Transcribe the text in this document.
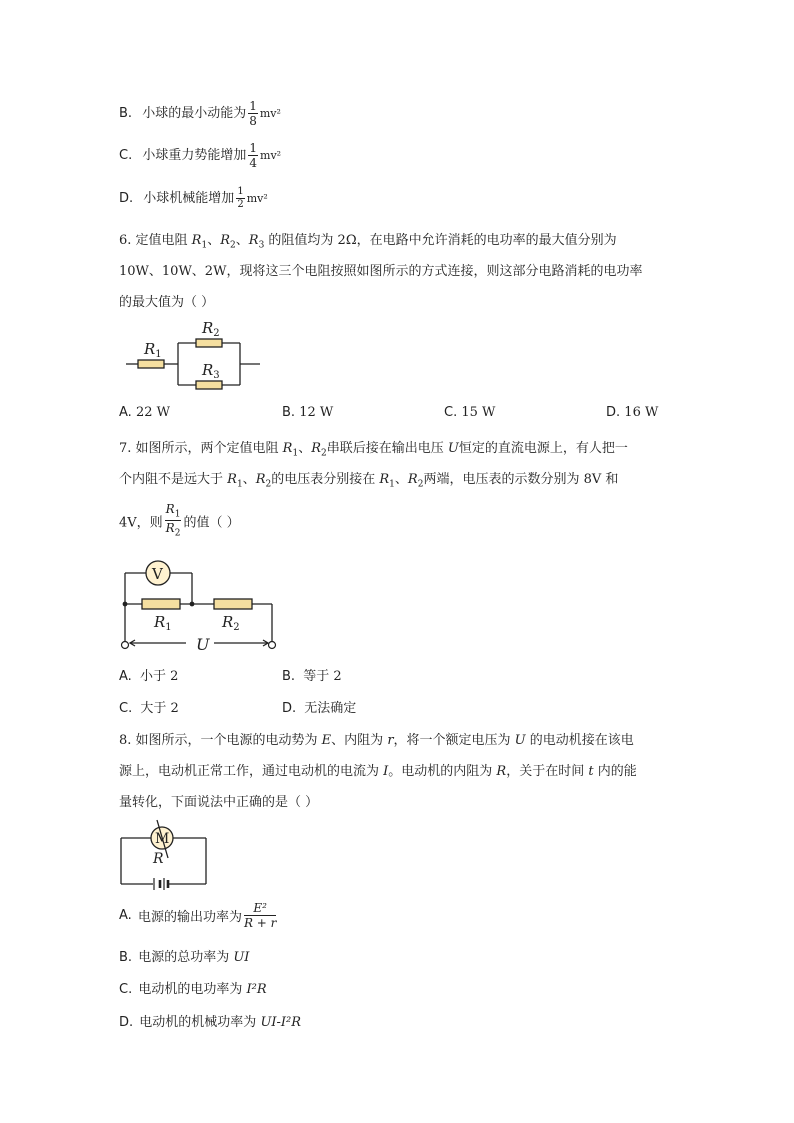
B. 小球的最小动能为 $\frac{1}{8} mv^2$
C. 小球重力势能增加 $\frac{1}{4} mv^2$
D. 小球机械能增加 $\frac{1}{2} mv^2$
6. 定值电阻 $R_1$、$R_2$、$R_3$ 的阻值均为 2Ω，在电路中允许消耗的电功率的最大值分别为
10W、10W、2W，现将这三个电阻按照如图所示的方式连接，则这部分电路消耗的电功率
的最大值为（ ）
$R_1$
$R_2$
$R_3$
A. 22 W	B. 12 W	C. 15 W	D. 16 W
7. 如图所示，两个定值电阻 $R_1$、$R_2$串联后接在输出电压 U恒定的直流电源上，有人把一
个内阻不是远大于 $R_1$、$R_2$的电压表分别接在 $R_1$、$R_2$两端，电压表的示数分别为 8V 和
4V，则 $\frac{R_1}{R_2}$ 的值（ ）
V
$R_1$	$R_2$
U
A. 小于 2	B. 等于 2
C. 大于 2	D. 无法确定
8. 如图所示，一个电源的电动势为 E、内阻为 r，将一个额定电压为 U 的电动机接在该电
源上，电动机正常工作，通过电动机的电流为 I。电动机的内阻为 R，关于在时间 t 内的能
量转化，下面说法中正确的是（ ）
M
R
A. 电源的输出功率为 $\frac{\text{E²}}{R + r}$
B. 电源的总功率为 UI
C. 电动机的电功率为 I²R
D. 电动机的机械功率为 UI-I²R
